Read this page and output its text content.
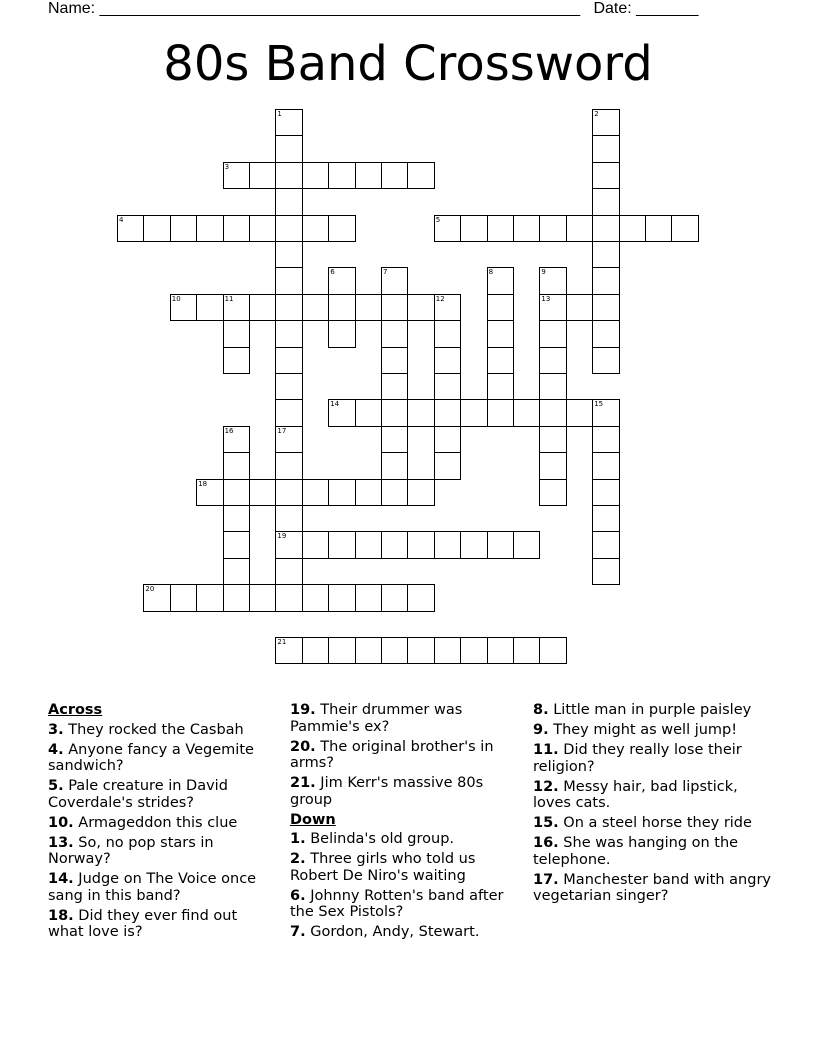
Name: ______________________________________________________ Date: _______
80s Band Crossword
1	2
3
4	5
6	7	8	9
13
10	11	12
14	15
16	17
19
18
20
21
Across
3. They rocked the Casbah
4. Anyone fancy a Vegemite sandwich?
5. Pale creature in David Coverdale's strides?
10. Armageddon this clue
13. So, no pop stars in Norway?
14. Judge on The Voice once sang in this band?
18. Did they ever find out what love is?
19. Their drummer was Pammie's ex?
20. The original brother's in arms?
21. Jim Kerr's massive 80s group
Down
1. Belinda's old group.
2. Three girls who told us Robert De Niro's waiting
6. Johnny Rotten's band after the Sex Pistols?
7. Gordon, Andy, Stewart.
8. Little man in purple paisley
9. They might as well jump!
11. Did they really lose their religion?
12. Messy hair, bad lipstick, loves cats.
15. On a steel horse they ride
16. She was hanging on the telephone.
17. Manchester band with angry vegetarian singer?
